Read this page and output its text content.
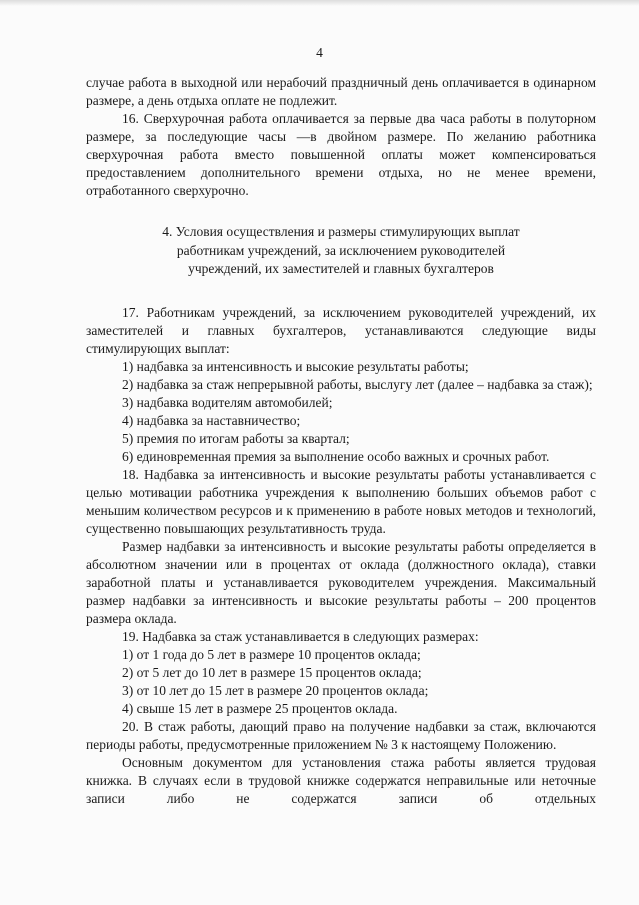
4

случае работа в выходной или нерабочий праздничный день оплачивается в одинарном размере, а день отдыха оплате не подлежит.

16. Сверхурочная работа оплачивается за первые два часа работы в полуторном размере, за последующие часы —в двойном размере. По желанию работника сверхурочная работа вместо повышенной оплаты может компенсироваться предоставлением дополнительного времени отдыха, но не менее времени, отработанного сверхурочно.

4. Условия осуществления и размеры стимулирующих выплат
работникам учреждений, за исключением руководителей
учреждений, их заместителей и главных бухгалтеров

17. Работникам учреждений, за исключением руководителей учреждений, их заместителей и главных бухгалтеров, устанавливаются следующие виды стимулирующих выплат:

1) надбавка за интенсивность и высокие результаты работы;

2) надбавка за стаж непрерывной работы, выслугу лет (далее – надбавка за стаж);

3) надбавка водителям автомобилей;

4) надбавка за наставничество;

5) премия по итогам работы за квартал;

6) единовременная премия за выполнение особо важных и срочных работ.

18. Надбавка за интенсивность и высокие результаты работы устанавливается с целью мотивации работника учреждения к выполнению больших объемов работ с меньшим количеством ресурсов и к применению в работе новых методов и технологий, существенно повышающих результативность труда.

Размер надбавки за интенсивность и высокие результаты работы определяется в абсолютном значении или в процентах от оклада (должностного оклада), ставки заработной платы и устанавливается руководителем учреждения. Максимальный размер надбавки за интенсивность и высокие результаты работы – 200 процентов размера оклада.

19. Надбавка за стаж устанавливается в следующих размерах:

1) от 1 года до 5 лет в размере 10 процентов оклада;

2) от 5 лет до 10 лет в размере 15 процентов оклада;

3) от 10 лет до 15 лет в размере 20 процентов оклада;

4) свыше 15 лет в размере 25 процентов оклада.

20. В стаж работы, дающий право на получение надбавки за стаж, включаются периоды работы, предусмотренные приложением № 3 к настоящему Положению.

Основным документом для установления стажа работы является трудовая книжка. В случаях если в трудовой книжке содержатся неправильные или неточные записи либо не содержатся записи об отдельных
